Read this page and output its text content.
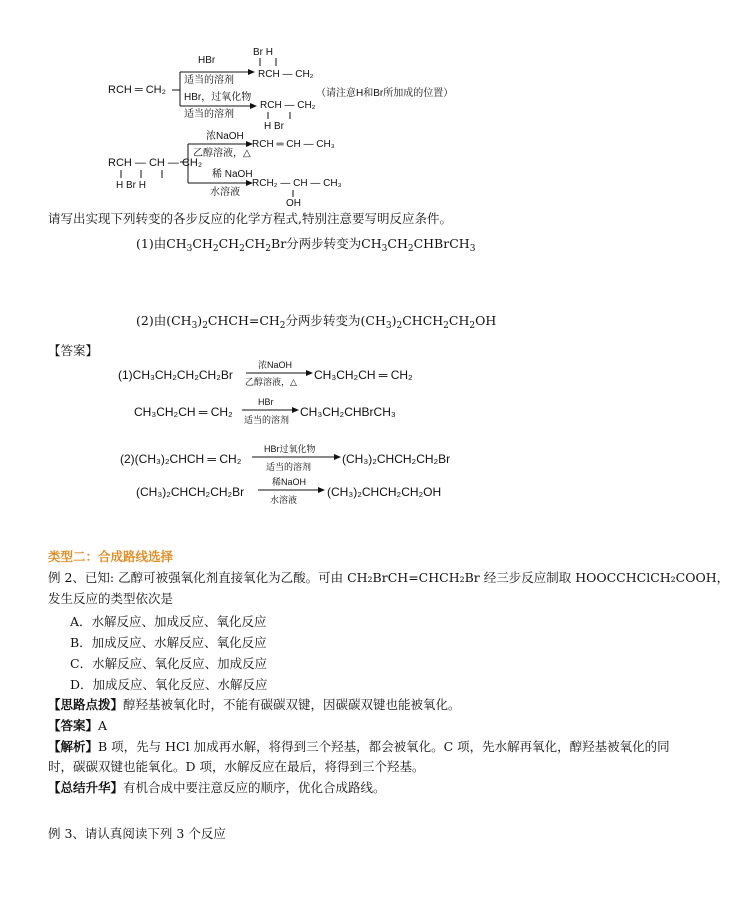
RCH ═ CH₂
HBr
适当的溶剂
Br H
RCH — CH₂
HBr，过氧化物
适当的溶剂
RCH — CH₂
H Br
（请注意H和Br所加成的位置）
RCH — CH — CH₂
H Br H
浓NaOH
乙醇溶液，△
RCH ═ CH — CH₃
稀 NaOH
水溶液
RCH₂ — CH — CH₃
OH
请写出实现下列转变的各步反应的化学方程式,特别注意要写明反应条件。
(1)由$CH_3CH_2CH_2CH_2Br$分两步转变为$CH_3CH_2CHBrCH_3$
(2)由$(CH_3)_2CHCH=CH_2$分两步转变为$(CH_3)_2CHCH_2CH_2OH$
【答案】
(1)CH₃CH₂CH₂CH₂Br
浓NaOH
乙醇溶液，△ CH₃CH₂CH ═ CH₂
CH₃CH₂CH ═ CH₂
HBr
适当的溶剂
CH₃CH₂CHBrCH₃
(2)(CH₃)₂CHCH ═ CH₂
HBr过氧化物
适当的溶剂
(CH₃)₂CHCH₂CH₂Br
(CH₃)₂CHCH₂CH₂Br
稀NaOH
水溶液
(CH₃)₂CHCH₂CH₂OH
类型二：合成路线选择
例 2、已知: 乙醇可被强氧化剂直接氧化为乙酸。可由 CH₂BrCH=CHCH₂Br 经三步反应制取 HOOCCHClCH₂COOH，
发生反应的类型依次是
A．水解反应、加成反应、氧化反应
B．加成反应、水解反应、氧化反应
C．水解反应、氧化反应、加成反应
D．加成反应、氧化反应、水解反应
【思路点拨】醇羟基被氧化时，不能有碳碳双键，因碳碳双键也能被氧化。
【答案】A
【解析】B 项，先与 HCl 加成再水解，将得到三个羟基，都会被氧化。C 项，先水解再氧化，醇羟基被氧化的同
时，碳碳双键也能氧化。D 项，水解反应在最后，将得到三个羟基。
【总结升华】有机合成中要注意反应的顺序，优化合成路线。
例 3、请认真阅读下列 3 个反应
